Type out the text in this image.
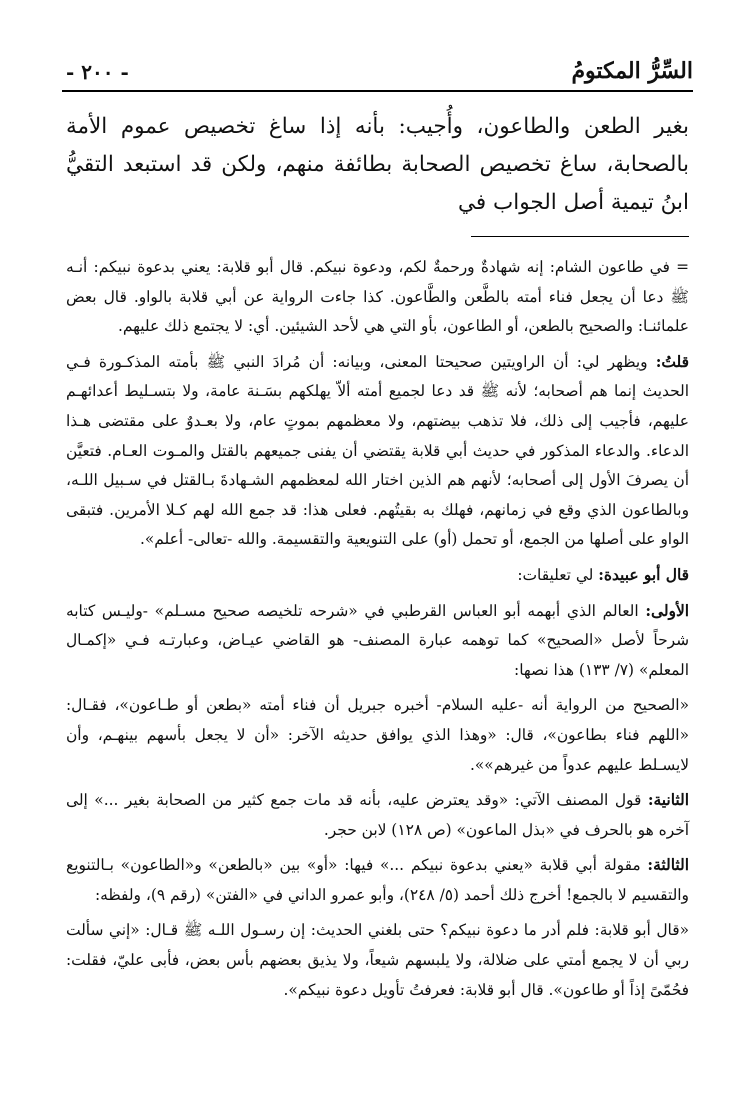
السِّرُّ المكتومُ
- ٢٠٠ -

بغير الطعن والطاعون، وأُجيب: بأنه إذا ساغ تخصيص عموم الأمة بالصحابة، ساغ تخصيص الصحابة بطائفة منهم، ولكن قد استبعد التقيُّ ابنُ تيمية أصل الجواب في

= في طاعون الشام: إنه شهادةٌ ورحمةٌ لكم، ودعوة نبيكم. قال أبو قلابة: يعني بدعوة نبيكم: أنـه ﷺ دعا أن يجعل فناء أمته بالطَّعن والطَّاعون. كذا جاءت الرواية عن أبي قلابة بالواو. قال بعض علمائنـا: والصحيح بالطعن، أو الطاعون، بأو التي هي لأحد الشيئين. أي: لا يجتمع ذلك عليهم.

قلتُ: ويظهر لي: أن الراويتين صحيحتا المعنى، وبيانه: أن مُرادَ النبي ﷺ بأمته المذكـورة فـي الحديث إنما هم أصحابه؛ لأنه ﷺ قد دعا لجميع أمته ألاّ يهلكهم بسَـنة عامة، ولا بتسـليط أعدائهـم عليهم، فأجيب إلى ذلك، فلا تذهب بيضتهم، ولا معظمهم بموتٍ عام، ولا بعـدوٌ على مقتضى هـذا الدعاء. والدعاء المذكور في حديث أبي قلابة يقتضي أن يفنى جميعهم بالقتل والمـوت العـام. فتعيَّن أن يصرفَ الأول إلى أصحابه؛ لأنهم هم الذين اختار الله لمعظمهم الشـهادةَ بـالقتل في سـبيل اللـه، وبالطاعون الذي وقع في زمانهم، فهلك به بقيتُهم. فعلى هذا: قد جمع الله لهم كـلا الأمرين. فتبقى الواو على أصلها من الجمع، أو تحمل (أو) على التنويعية والتقسيمة. والله -تعالى- أعلم».

قال أبو عبيدة: لي تعليقات:

الأولى: العالم الذي أبهمه أبو العباس القرطبي في «شرحه تلخيصه صحيح مسـلم» -وليـس كتابه شرحاً لأصل «الصحيح» كما توهمه عبارة المصنف- هو القاضي عيـاض، وعبارتـه فـي «إكمـال المعلم» (٧/ ١٣٣) هذا نصها:

«الصحيح من الرواية أنه -عليه السلام- أخبره جبريل أن فناء أمته «بطعن أو طـاعون»، فقـال: «اللهم فناء بطاعون»، قال: «وهذا الذي يوافق حديثه الآخر: «أن لا يجعل بأسهم بينهـم، وأن لايسـلط عليهم عدواً من غيرهم»».

الثانية: قول المصنف الآتي: «وقد يعترض عليه، بأنه قد مات جمع كثير من الصحابة بغير ...» إلى آخره هو بالحرف في «بذل الماعون» (ص ١٢٨) لابن حجر.

الثالثة: مقولة أبي قلابة «يعني بدعوة نبيكم ...» فيها: «أو» بين «بالطعن» و«الطاعون» بـالتنويع والتقسيم لا بالجمع! أخرج ذلك أحمد (٥/ ٢٤٨)، وأبو عمرو الداني في «الفتن» (رقم ٩)، ولفظه:

«قال أبو قلابة: فلم أدر ما دعوة نبيكم؟ حتى بلغني الحديث: إن رسـول اللـه ﷺ قـال: «إني سألت ربي أن لا يجمع أمتي على ضلالة، ولا يلبسهم شيعاً، ولا يذيق بعضهم بأس بعض، فأبى عليّ، فقلت: فحُمّىً إذاً أو طاعون». قال أبو قلابة: فعرفتُ تأويل دعوة نبيكم».
